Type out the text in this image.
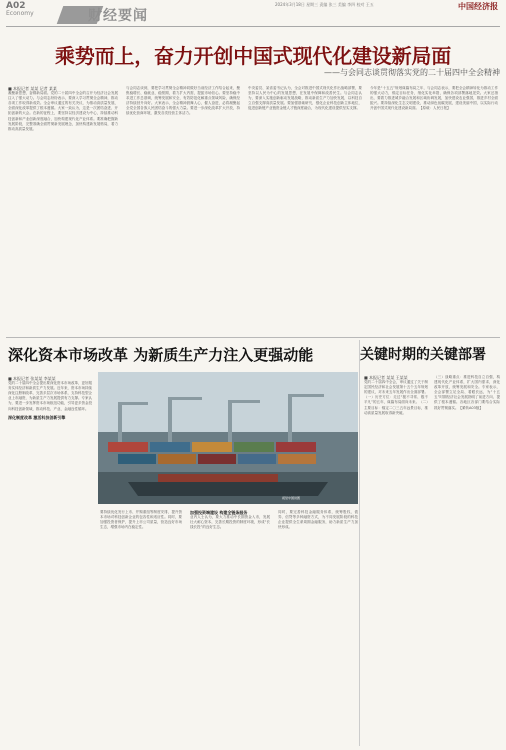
A02
Economy	财经要闻
2024年3月18日 星期三 责编 张三 美编 李四 校对 王五	中国经济报
乘势而上，奋力开创中国式现代化建设新局面
——与会同志谈贯彻落实党的二十届四中全会精神
■ 本报记者 某某 记者 某某
凝聚新思想，奋楫新局面。党的二十届四中全会的召开为经济社会发展注入了强大动力。与会同志纷纷表示，要深入学习贯彻全会精神，推动各项工作取得新成效。全会审议通过的有关决议，为推动高质量发展、全面深化改革提供了根本遵循。大家一致认为，这是一次团结奋进、开拓创新的大会。在新的征程上，要坚持以经济建设为中心，持续推动科技创新和产业创新深度融合，加快构建现代化产业体系。要准确把握新发展阶段，完整准确全面贯彻新发展理念，加快构建新发展格局，着力推动高质量发展。
与会同志谈到，要把学习贯彻全会精神同做好当前经济工作结合起来，聚焦稳增长、稳就业、稳预期，着力扩大内需，提振市场信心。要坚持稳中求进工作总基调，统筹发展和安全，有效防范化解重点领域风险，确保经济持续回升向好。大家表示，全会精神鼓舞人心，催人奋进，必将凝聚起全党全国各族人民团结奋斗的强大力量。要进一步深化改革扩大开放，持续优化营商环境，激发各类经营主体活力。
中央委员、某省委书记认为，全会对推进中国式现代化作出战略部署，要坚持以人民为中心的发展思想，在发展中保障和改善民生。与会同志认为，要深入实施创新驱动发展战略，推动新质生产力加快发展，以科技自立自强支撑高质量发展。要加强基础研究，强化企业科技创新主体地位，促进创新链产业链资金链人才链深度融合，为现代化建设提供坚实支撑。
今年是“十五五”规划谋篇布局之年，与会同志表示，要把全会精神转化为推动工作的强大动力，锚定目标任务，细化实化举措，确保各项部署落地见效。大家还指出，要着力推进城乡融合发展和区域协调发展，加快建设农业强国，推进乡村全面振兴。要持续深化生态文明建设，推动绿色低碳发展，建设美丽中国，以实际行动开创中国式现代化建设新局面。【原载：人民日报】
深化资本市场改革 为新质生产力注入更强动能
■ 本报记者 张某某 李某某
党的二十届四中全会提出要深化资本市场改革，更好服务实体经济和新质生产力发展。近年来，资本市场持续深化注册制改革，完善多层次市场体系，支持科技型企业上市融资，为新质生产力发展提供有力支撑。专家认为，要进一步发挥资本市场枢纽功能，引导更多资金投向科技创新领域，推动科技、产业、金融良性循环。
深化制度改革 激活科技创新引擎
视觉中国供图
要持续优化发行上市、并购重组等制度安排，提升资本市场对科技创新企业的包容性和适应性。同时，要加强投资者保护，提升上市公司质量，营造良好市场生态，增强市场内在稳定性。
加强投资端建设 构建全链条服务
业内人士认为，要大力推动中长期资金入市，发展壮大耐心资本，完善长期投资的制度环境，形成“长钱长投”的良好生态。
同时，要完善科技金融服务体系，统筹股权、债券、信贷等多种融资方式，为不同发展阶段的科技企业提供全生命周期金融服务，助力新质生产力加快形成。
关键时期的关键部署
■ 本报记者 某某 王某某
党的二十届四中全会，审议通过了关于制定国民经济和社会发展第十五个五年规划的建议，对未来五年发展作出全面部署。（一）历史方位：走过“极不寻常、极不平凡”的五年，谋篇布局面向未来。（二）主要目标：锚定二〇三五年远景目标，推动高质量发展取得新突破。
（三）战略重点：推进科技自立自强，构建现代化产业体系，扩大国内需求，深化改革开放，统筹发展和安全。专家表示，全会部署立足全局、着眼长远，为“十五五”时期经济社会发展指明了前进方向、提供了根本遵循。各地区各部门要结合实际抓好贯彻落实。【紧转A03版】
